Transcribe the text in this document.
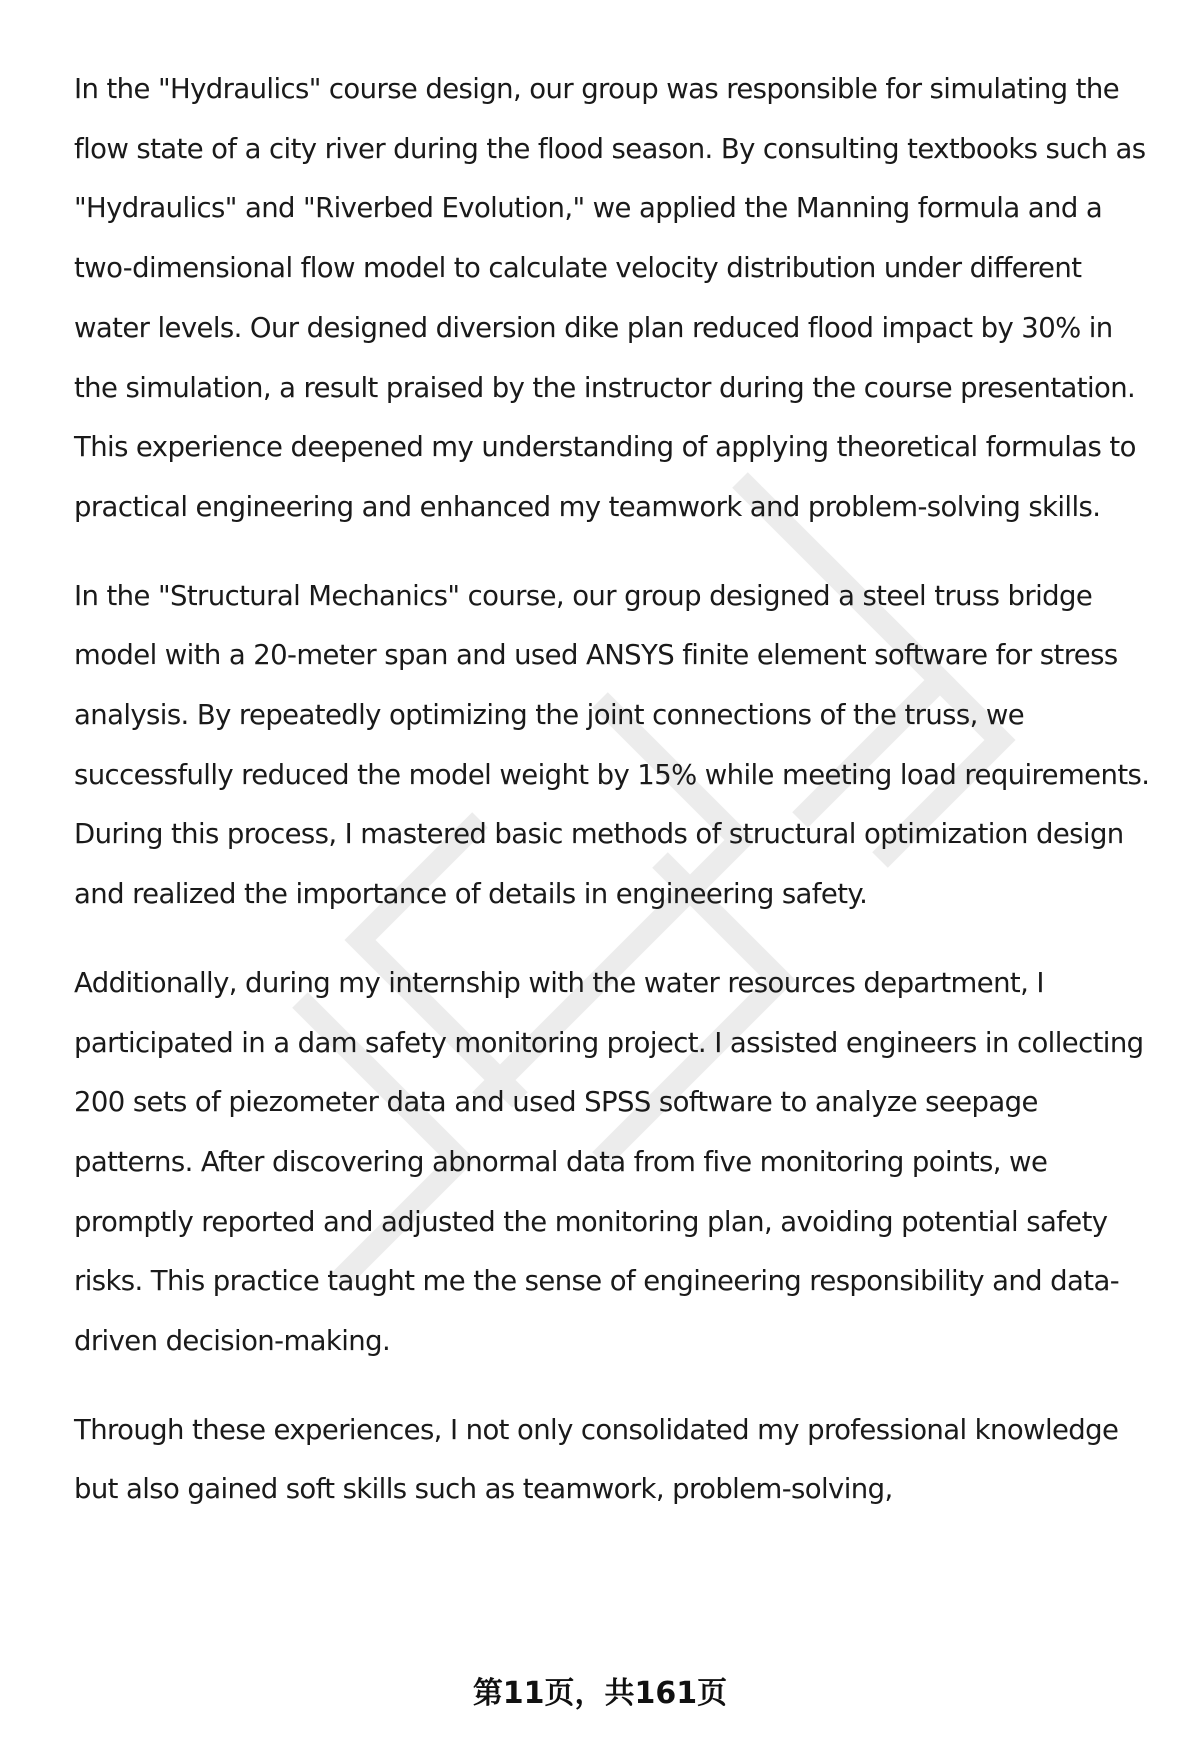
In the "Hydraulics" course design, our group was responsible for simulating the flow state of a city river during the flood season. By consulting textbooks such as "Hydraulics" and "Riverbed Evolution," we applied the Manning formula and a two-dimensional flow model to calculate velocity distribution under different water levels. Our designed diversion dike plan reduced flood impact by 30% in the simulation, a result praised by the instructor during the course presentation. This experience deepened my understanding of applying theoretical formulas to practical engineering and enhanced my teamwork and problem-solving skills.

In the "Structural Mechanics" course, our group designed a steel truss bridge model with a 20-meter span and used ANSYS finite element software for stress analysis. By repeatedly optimizing the joint connections of the truss, we successfully reduced the model weight by 15% while meeting load requirements. During this process, I mastered basic methods of structural optimization design and realized the importance of details in engineering safety.

Additionally, during my internship with the water resources department, I participated in a dam safety monitoring project. I assisted engineers in collecting 200 sets of piezometer data and used SPSS software to analyze seepage patterns. After discovering abnormal data from five monitoring points, we promptly reported and adjusted the monitoring plan, avoiding potential safety risks. This practice taught me the sense of engineering responsibility and data-driven decision-making.

Through these experiences, I not only consolidated my professional knowledge but also gained soft skills such as teamwork, problem-solving,

第11页，共161页
